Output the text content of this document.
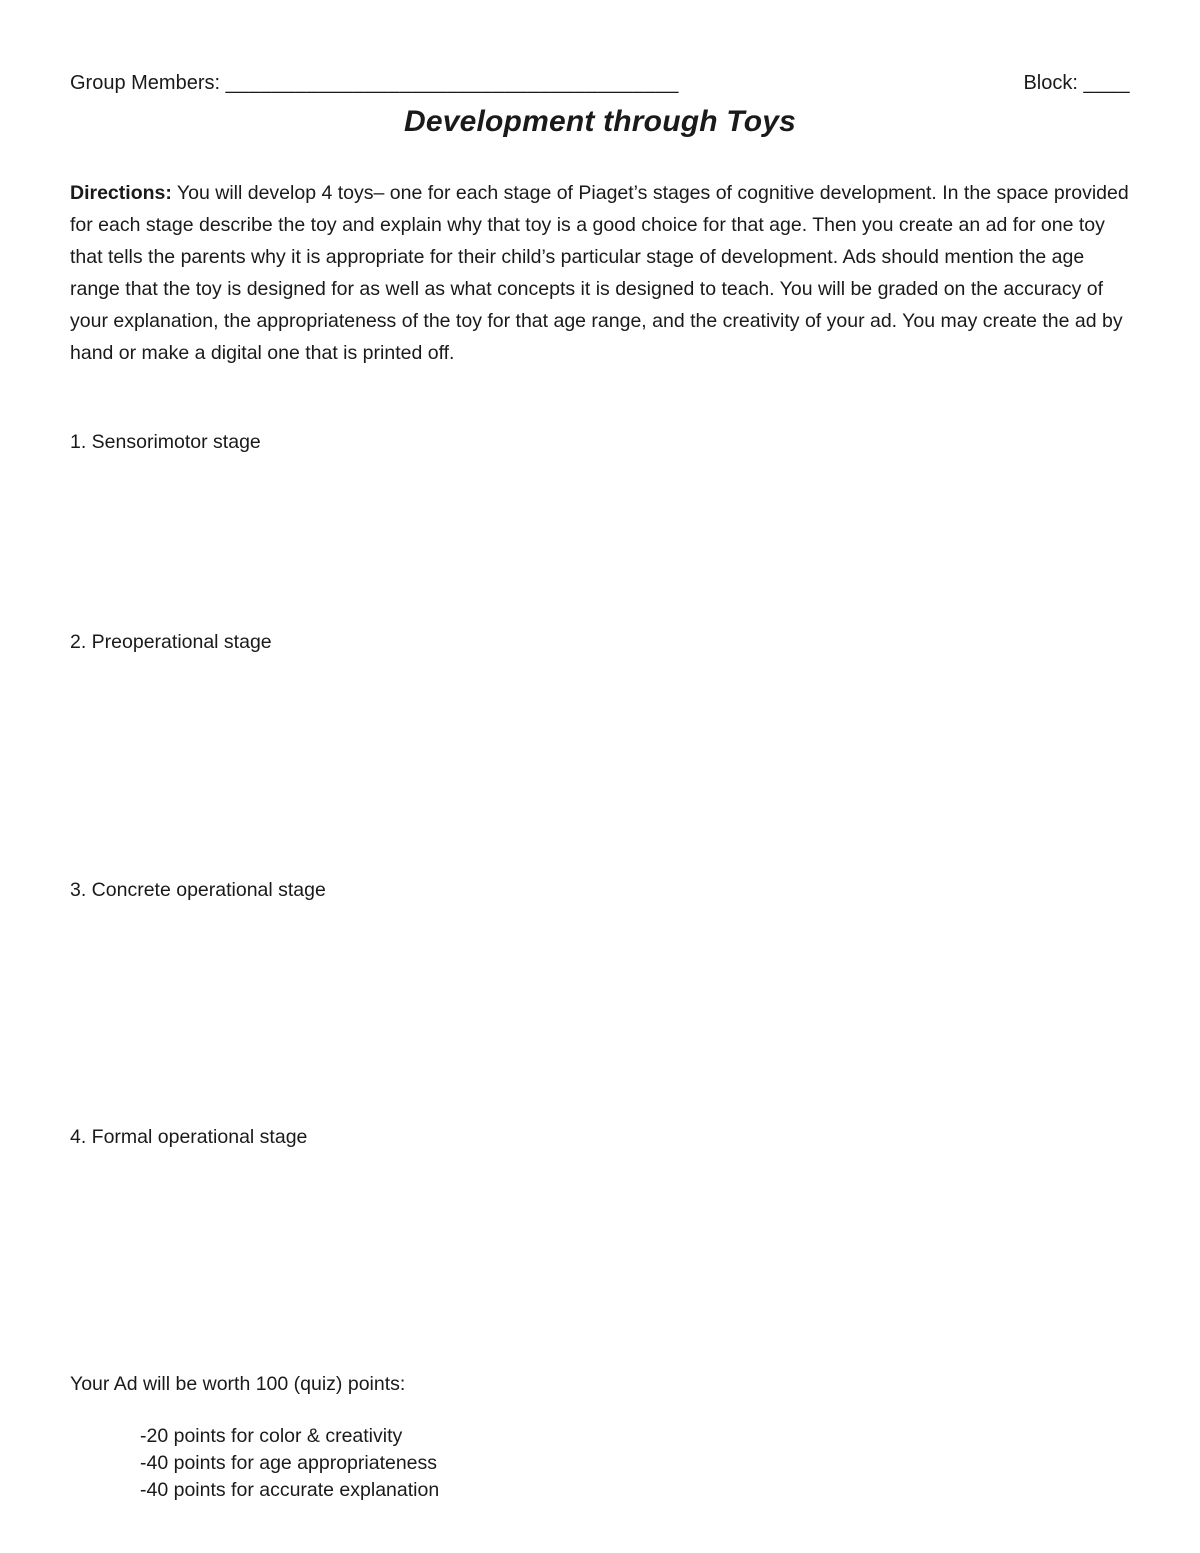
Group Members: _______________________________________	Block: ____
Development through Toys

Directions: You will develop 4 toys– one for each stage of Piaget’s stages of cognitive development. In the space provided for each stage describe the toy and explain why that toy is a good choice for that age. Then you create an ad for one toy that tells the parents why it is appropriate for their child’s particular stage of development. Ads should mention the age range that the toy is designed for as well as what concepts it is designed to teach. You will be graded on the accuracy of your explanation, the appropriateness of the toy for that age range, and the creativity of your ad. You may create the ad by hand or make a digital one that is printed off.

1. Sensorimotor stage
2. Preoperational stage
3. Concrete operational stage
4. Formal operational stage
Your Ad will be worth 100 (quiz) points:
-20 points for color & creativity
-40 points for age appropriateness
-40 points for accurate explanation
